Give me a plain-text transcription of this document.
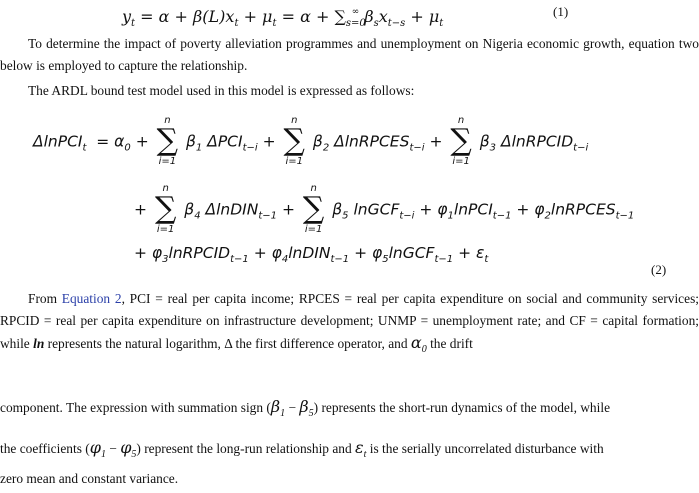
$y_t = \alpha + \beta(L)x_t + \mu_t = \alpha + \sum_{s=0}^\infty$ $\beta_sx_{t-s} + \mu_t$
(1)
To determine the impact of poverty alleviation programmes and unemployment on Nigeria economic growth, equation two below is employed to capture the relationship.
The ARDL bound test model used in this model is expressed as follows:
ΔlnPCI$_t$ = $\alpha_0$ +
n
∑
i=1
$\beta_1$ $\Delta PCI_{t-i}$ +
n
∑
i=1
$\beta_2$ ΔlnRPCES$_{t-i}$ +
n
∑
i=1
$\beta_3$ ΔlnRPCID$_{t-i}$
+
n
∑
i=1
$\beta_4$ ΔlnDIN$_{t-1}$ +
n
∑
i=1
$\beta_5$ lnGCF$_{t-i}$ + $\varphi_1lnPCI_{t-1}$ + $\varphi_2lnRPCES_{t-1}$
+ $\varphi_3lnRPCID_{t-1}$ + $\varphi_4lnDIN_{t-1}$ + $\varphi_5lnGCF_{t-1} + \varepsilon_t$
(2)
From Equation 2, PCI = real per capita income; RPCES = real per capita expenditure on social and community services; RPCID = real per capita expenditure on infrastructure development; UNMP = unemployment rate; and CF = capital formation; while ln represents the natural logarithm, Δ the first difference operator, and $\alpha_0$ the drift
component. The expression with summation sign $(\beta_1 - \beta_5)$ represents the short-run dynamics of the model, while
the coefficients $(\varphi_1 - \varphi_5)$ represent the long-run relationship and $\varepsilon_t$ is the serially uncorrelated disturbance with
zero mean and constant variance.
